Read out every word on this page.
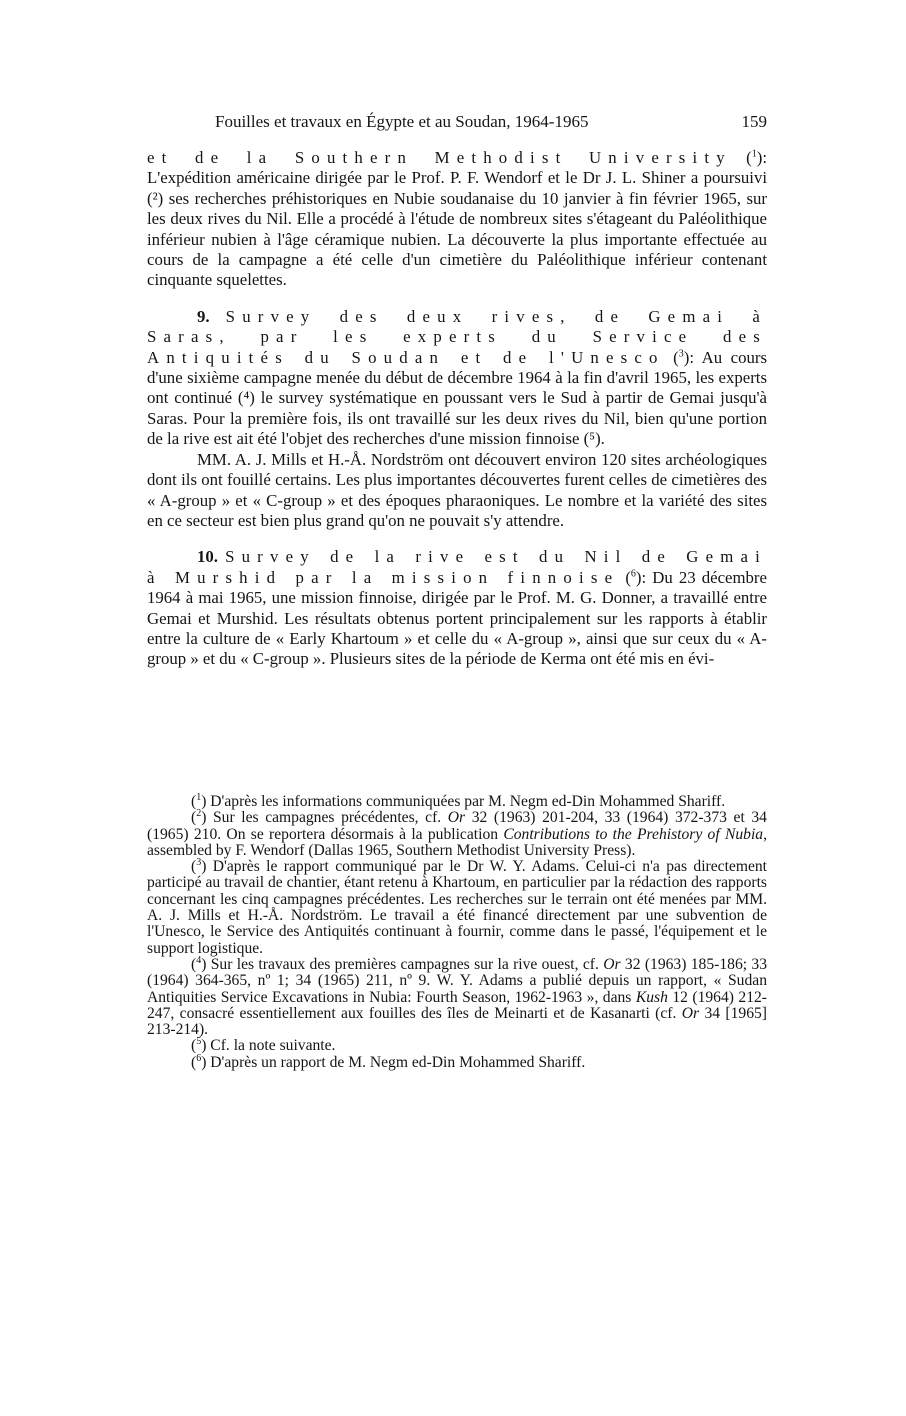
Fouilles et travaux en Égypte et au Soudan, 1964-1965	159

et de la Southern Methodist University ($^1$): L'expédition américaine dirigée par le Prof. P. F. Wendorf et le Dr J. L. Shiner a poursuivi (²) ses recherches préhistoriques en Nubie soudanaise du 10 janvier à fin février 1965, sur les deux rives du Nil. Elle a procédé à l'étude de nombreux sites s'étageant du Paléolithique inférieur nubien à l'âge céramique nubien. La découverte la plus importante effectuée au cours de la campagne a été celle d'un cimetière du Paléolithique inférieur contenant cinquante squelettes.

9. Survey des deux rives, de Gemai à Saras, par les experts du Service des Antiquités du Soudan et de l'Unesco ($^3$): Au cours d'une sixième campagne menée du début de décembre 1964 à la fin d'avril 1965, les experts ont continué (⁴) le survey systématique en poussant vers le Sud à partir de Gemai jusqu'à Saras. Pour la première fois, ils ont travaillé sur les deux rives du Nil, bien qu'une portion de la rive est ait été l'objet des recherches d'une mission finnoise (⁵).

MM. A. J. Mills et H.-Å. Nordström ont découvert environ 120 sites archéologiques dont ils ont fouillé certains. Les plus importantes découvertes furent celles de cimetières des « A-group » et « C-group » et des époques pharaoniques. Le nombre et la variété des sites en ce secteur est bien plus grand qu'on ne pouvait s'y attendre.

10. Survey de la rive est du Nil de Gemai à Murshid par la mission finnoise ($^6$): Du 23 décembre 1964 à mai 1965, une mission finnoise, dirigée par le Prof. M. G. Donner, a travaillé entre Gemai et Murshid. Les résultats obtenus portent principalement sur les rapports à établir entre la culture de « Early Khartoum » et celle du « A-group », ainsi que sur ceux du « A-group » et du « C-group ». Plusieurs sites de la période de Kerma ont été mis en évi-

($^1$) D'après les informations communiquées par M. Negm ed-Din Mohammed Shariff.

($^2$) Sur les campagnes précédentes, cf. Or 32 (1963) 201-204, 33 (1964) 372-373 et 34 (1965) 210. On se reportera désormais à la publication Contributions to the Prehistory of Nubia, assembled by F. Wendorf (Dallas 1965, Southern Methodist University Press).

($^3$) D'après le rapport communiqué par le Dr W. Y. Adams. Celui-ci n'a pas directement participé au travail de chantier, étant retenu à Khartoum, en particulier par la rédaction des rapports concernant les cinq campagnes précédentes. Les recherches sur le terrain ont été menées par MM. A. J. Mills et H.-Å. Nordström. Le travail a été financé directement par une subvention de l'Unesco, le Service des Antiquités continuant à fournir, comme dans le passé, l'équipement et le support logistique.

($^4$) Sur les travaux des premières campagnes sur la rive ouest, cf. Or 32 (1963) 185-186; 33 (1964) 364-365, nº 1; 34 (1965) 211, nº 9. W. Y. Adams a publié depuis un rapport, « Sudan Antiquities Service Excavations in Nubia: Fourth Season, 1962-1963 », dans Kush 12 (1964) 212-247, consacré essentiellement aux fouilles des îles de Meinarti et de Kasanarti (cf. Or 34 [1965] 213-214).

($^5$) Cf. la note suivante.

($^6$) D'après un rapport de M. Negm ed-Din Mohammed Shariff.
